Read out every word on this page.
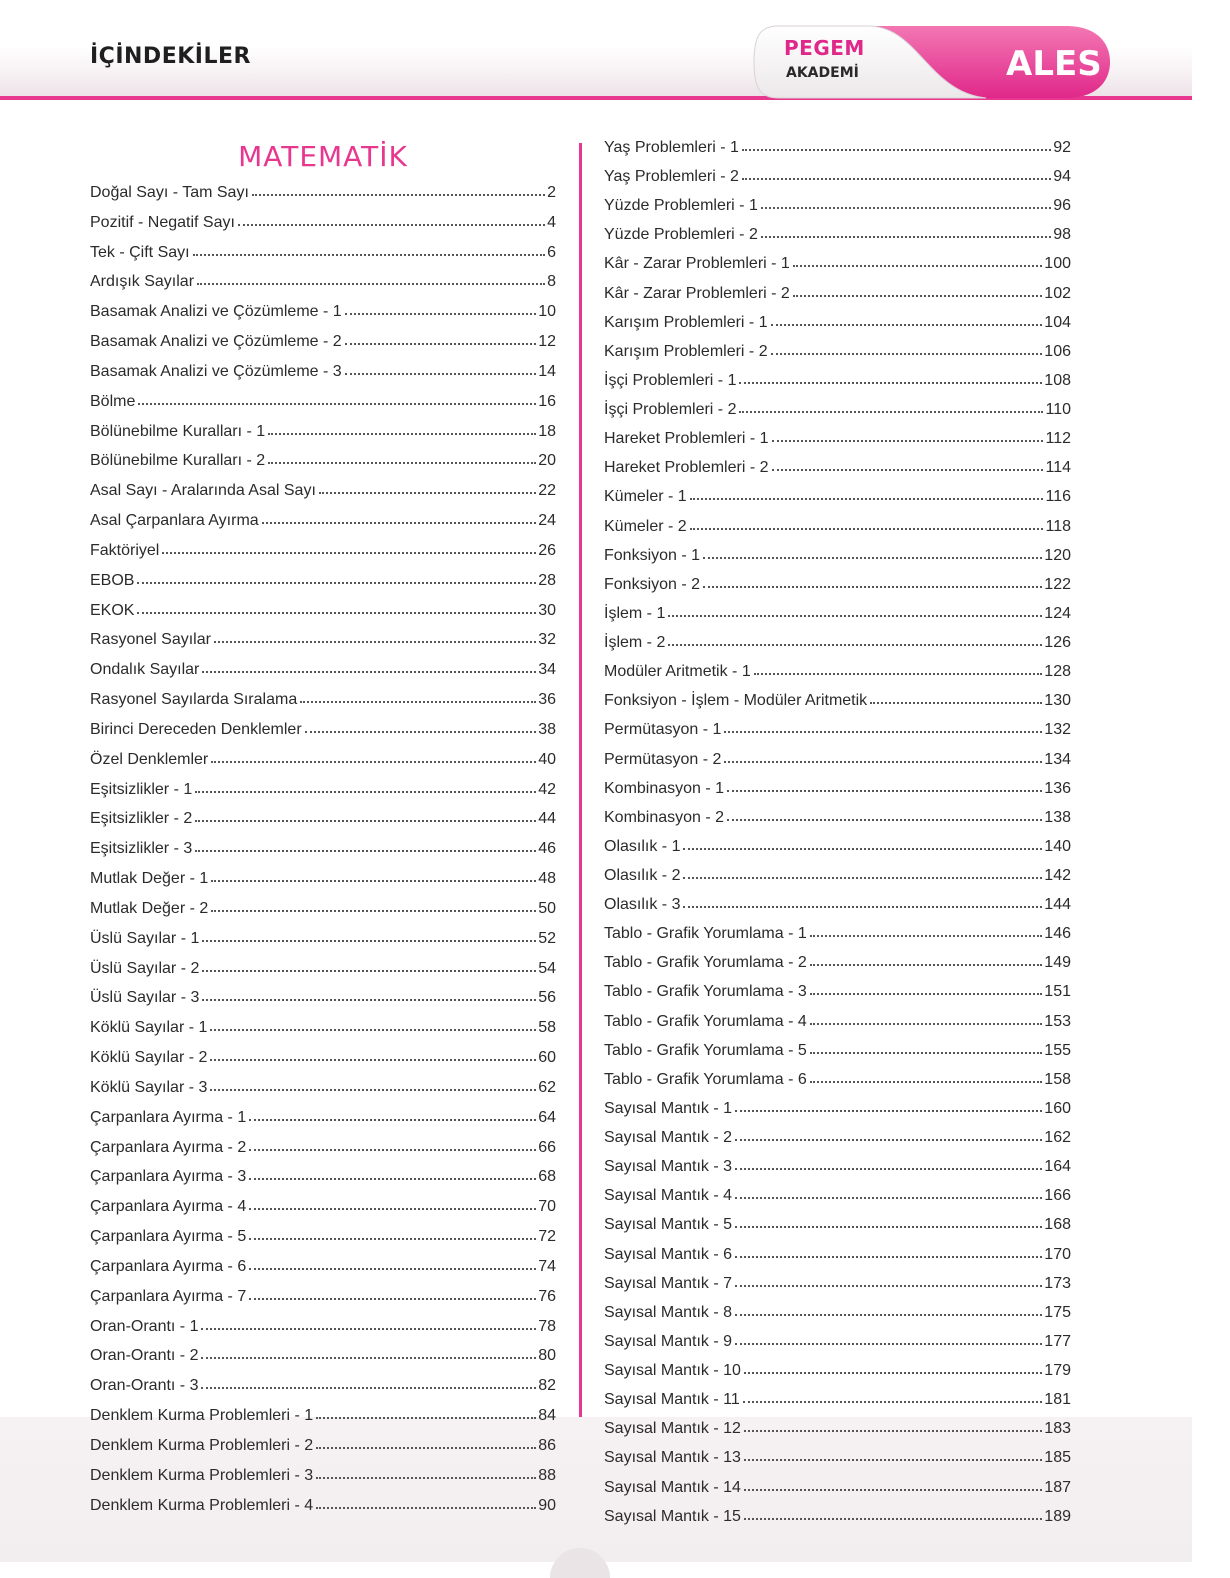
İÇİNDEKİLER	PEGEM
AKADEMİ	ALES
MATEMATİK
Doğal Sayı - Tam Sayı	2
Pozitif - Negatif Sayı	4
Tek - Çift Sayı	6
Ardışık Sayılar	8
Basamak Analizi ve Çözümleme - 1	10
Basamak Analizi ve Çözümleme - 2	12
Basamak Analizi ve Çözümleme - 3	14
Bölme	16
Bölünebilme Kuralları - 1	18
Bölünebilme Kuralları - 2	20
Asal Sayı - Aralarında Asal Sayı	22
Asal Çarpanlara Ayırma	24
Faktöriyel	26
EBOB	28
EKOK	30
Rasyonel Sayılar	32
Ondalık Sayılar	34
Rasyonel Sayılarda Sıralama	36
Birinci Dereceden Denklemler	38
Özel Denklemler	40
Eşitsizlikler - 1	42
Eşitsizlikler - 2	44
Eşitsizlikler - 3	46
Mutlak Değer - 1	48
Mutlak Değer - 2	50
Üslü Sayılar - 1	52
Üslü Sayılar - 2	54
Üslü Sayılar - 3	56
Köklü Sayılar - 1	58
Köklü Sayılar - 2	60
Köklü Sayılar - 3	62
Çarpanlara Ayırma - 1	64
Çarpanlara Ayırma - 2	66
Çarpanlara Ayırma - 3	68
Çarpanlara Ayırma - 4	70
Çarpanlara Ayırma - 5	72
Çarpanlara Ayırma - 6	74
Çarpanlara Ayırma - 7	76
Oran-Orantı - 1	78
Oran-Orantı - 2	80
Oran-Orantı - 3	82
Denklem Kurma Problemleri - 1	84
Denklem Kurma Problemleri - 2	86
Denklem Kurma Problemleri - 3	88
Denklem Kurma Problemleri - 4	90
Yaş Problemleri - 1	92
Yaş Problemleri - 2	94
Yüzde Problemleri - 1	96
Yüzde Problemleri - 2	98
Kâr - Zarar Problemleri - 1	100
Kâr - Zarar Problemleri - 2	102
Karışım Problemleri - 1	104
Karışım Problemleri - 2	106
İşçi Problemleri - 1	108
İşçi Problemleri - 2	110
Hareket Problemleri - 1	112
Hareket Problemleri - 2	114
Kümeler - 1	116
Kümeler - 2	118
Fonksiyon - 1	120
Fonksiyon - 2	122
İşlem - 1	124
İşlem - 2	126
Modüler Aritmetik - 1	128
Fonksiyon - İşlem - Modüler Aritmetik	130
Permütasyon - 1	132
Permütasyon - 2	134
Kombinasyon - 1	136
Kombinasyon - 2	138
Olasılık - 1	140
Olasılık - 2	142
Olasılık - 3	144
Tablo - Grafik Yorumlama - 1	146
Tablo - Grafik Yorumlama - 2	149
Tablo - Grafik Yorumlama - 3	151
Tablo - Grafik Yorumlama - 4	153
Tablo - Grafik Yorumlama - 5	155
Tablo - Grafik Yorumlama - 6	158
Sayısal Mantık - 1	160
Sayısal Mantık - 2	162
Sayısal Mantık - 3	164
Sayısal Mantık - 4	166
Sayısal Mantık - 5	168
Sayısal Mantık - 6	170
Sayısal Mantık - 7	173
Sayısal Mantık - 8	175
Sayısal Mantık - 9	177
Sayısal Mantık - 10	179
Sayısal Mantık - 11	181
Sayısal Mantık - 12	183
Sayısal Mantık - 13	185
Sayısal Mantık - 14	187
Sayısal Mantık - 15	189
